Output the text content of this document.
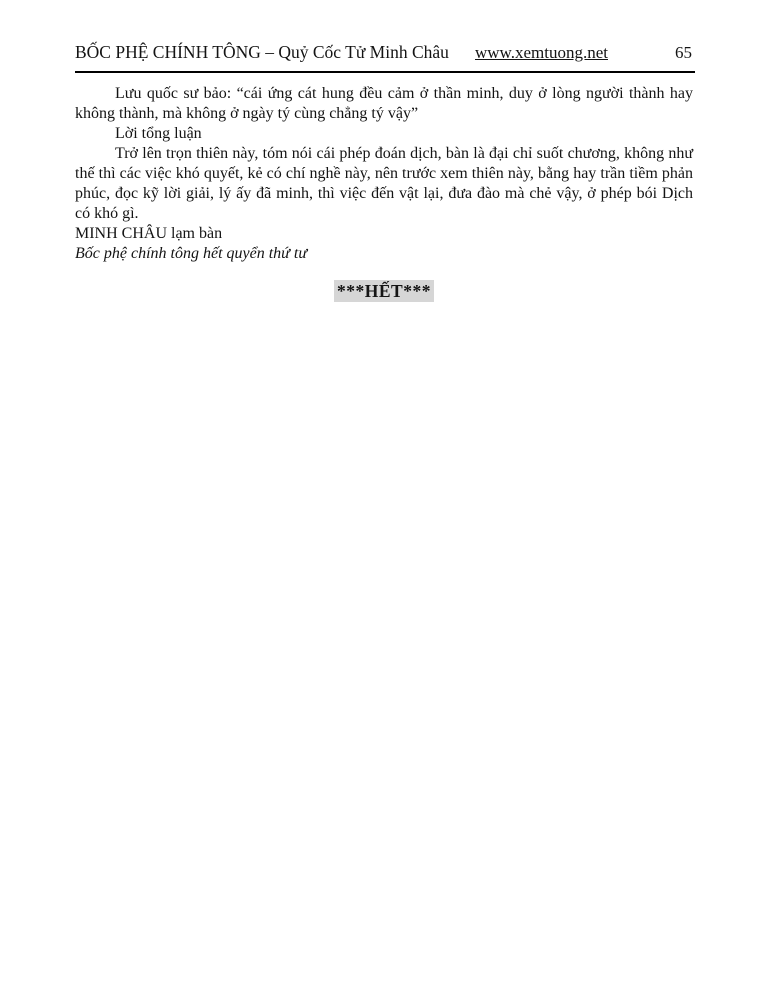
BỐC PHỆ CHÍNH TÔNG – Quỷ Cốc Tử Minh Châu	www.xemtuong.net	65

Lưu quốc sư bảo: “cái ứng cát hung đều cảm ở thần minh, duy ở lòng người thành hay không thành, mà không ở ngày tý cùng chẳng tý vậy”

Lời tổng luận

Trở lên trọn thiên này, tóm nói cái phép đoán dịch, bàn là đại chỉ suốt chương, không như thế thì các việc khó quyết, kẻ có chí nghề này, nên trước xem thiên này, bằng hay trần tiềm phản phúc, đọc kỹ lời giải, lý ấy đã minh, thì việc đến vật lại, đưa đào mà chẻ vậy, ở phép bói Dịch có khó gì.

MINH CHÂU lạm bàn

Bốc phệ chính tông hết quyển thứ tư

***HẾT***
